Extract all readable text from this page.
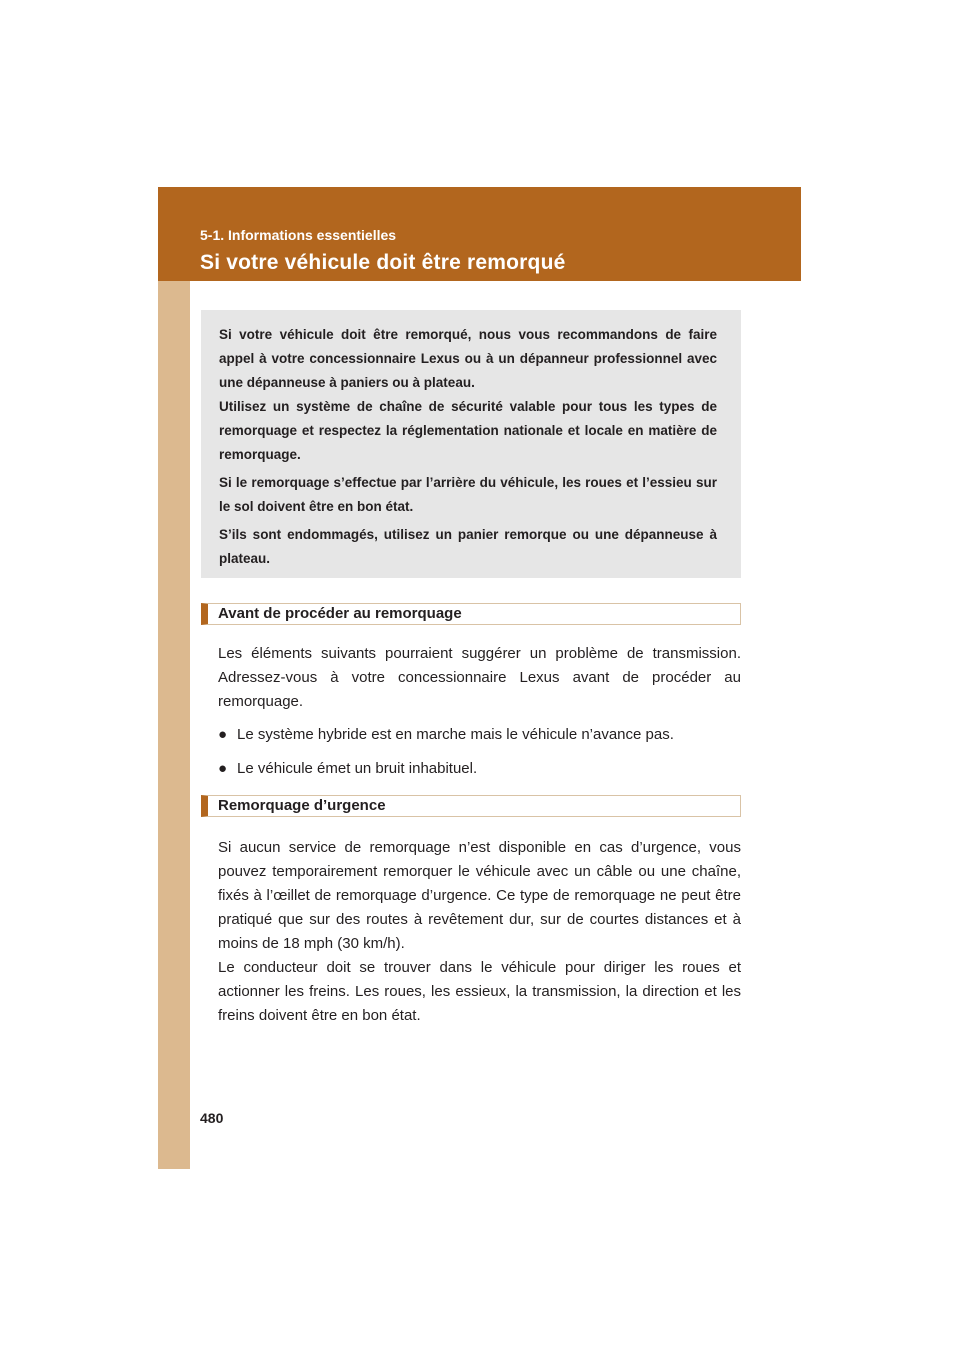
5-1. Informations essentielles
Si votre véhicule doit être remorqué

Si votre véhicule doit être remorqué, nous vous recommandons de faire appel à votre concessionnaire Lexus ou à un dépanneur professionnel avec une dépanneuse à paniers ou à plateau.

Utilisez un système de chaîne de sécurité valable pour tous les types de remorquage et respectez la réglementation nationale et locale en matière de remorquage.

Si le remorquage s’effectue par l’arrière du véhicule, les roues et l’essieu sur le sol doivent être en bon état.

S’ils sont endommagés, utilisez un panier remorque ou une dépanneuse à plateau.

Avant de procéder au remorquage

Les éléments suivants pourraient suggérer un problème de transmission. Adressez-vous à votre concessionnaire Lexus avant de procéder au remorquage.

● Le système hybride est en marche mais le véhicule n’avance pas.
● Le véhicule émet un bruit inhabituel.
Remorquage d’urgence

Si aucun service de remorquage n’est disponible en cas d’urgence, vous pouvez temporairement remorquer le véhicule avec un câble ou une chaîne, fixés à l’œillet de remorquage d’urgence. Ce type de remorquage ne peut être pratiqué que sur des routes à revêtement dur, sur de courtes distances et à moins de 18 mph (30 km/h).

Le conducteur doit se trouver dans le véhicule pour diriger les roues et actionner les freins. Les roues, les essieux, la transmission, la direction et les freins doivent être en bon état.

480
